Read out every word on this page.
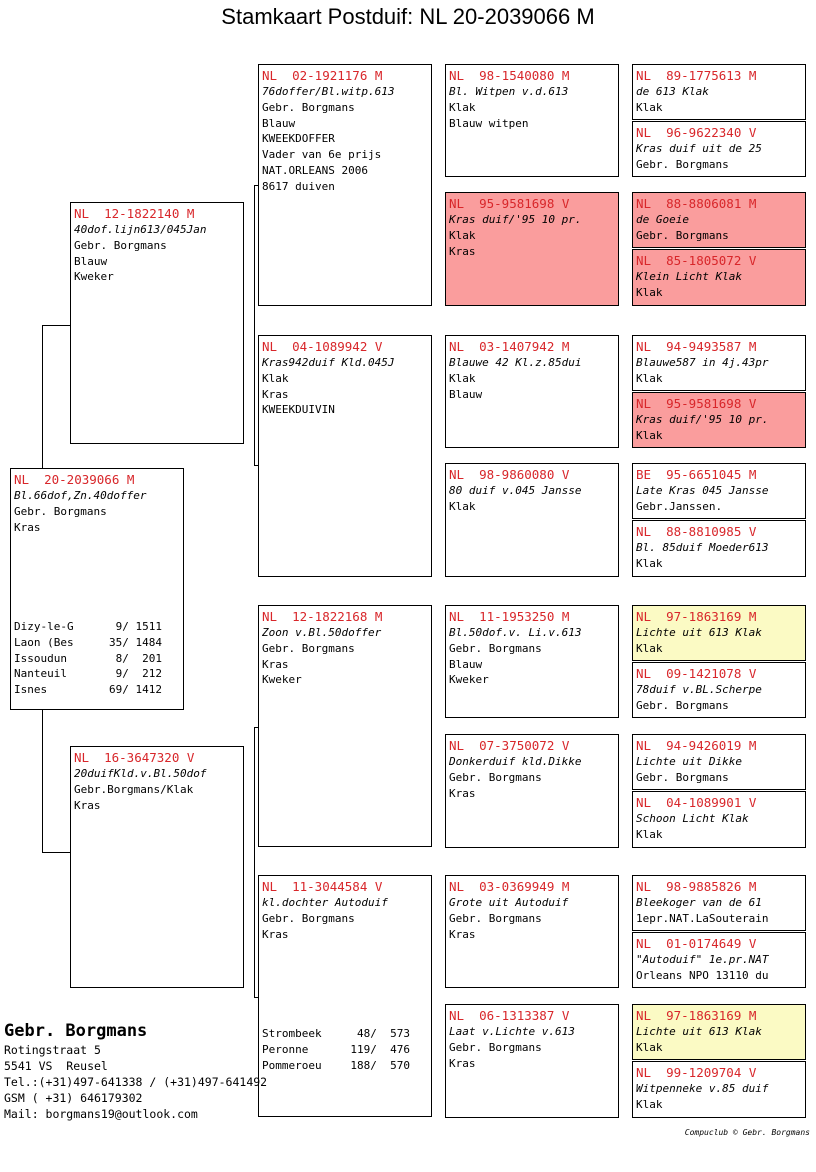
Stamkaart Postduif: NL 20-2039066 M
NL  20-2039066 M
Bl.66dof,Zn.40doffer
Gebr. Borgmans
Kras
Dizy-le-G	9/ 1511
Laon (Bes	35/ 1484
Issoudun	8/  201
Nanteuil	9/  212
Isnes	69/ 1412
NL  12-1822140 M
40dof.lijn613/045Jan
Gebr. Borgmans
Blauw
Kweker
NL  16-3647320 V
20duifKld.v.Bl.50dof
Gebr.Borgmans/Klak
Kras
NL  02-1921176 M
76doffer/Bl.witp.613
Gebr. Borgmans
Blauw
KWEEKDOFFER
Vader van 6e prijs
NAT.ORLEANS 2006
8617 duiven
NL  04-1089942 V
Kras942duif Kld.045J
Klak
Kras
KWEEKDUIVIN
NL  12-1822168 M
Zoon v.Bl.50doffer
Gebr. Borgmans
Kras
Kweker
NL  11-3044584 V
kl.dochter Autoduif
Gebr. Borgmans
Kras
Strombeek	48/  573
Peronne	119/  476
Pommeroeu	188/  570
NL  98-1540080 M
Bl. Witpen v.d.613
Klak
Blauw witpen
NL  95-9581698 V
Kras duif/'95 10 pr.
Klak
Kras
NL  03-1407942 M
Blauwe 42 Kl.z.85dui
Klak
Blauw
NL  98-9860080 V
80 duif v.045 Jansse
Klak
NL  11-1953250 M
Bl.50dof.v. Li.v.613
Gebr. Borgmans
Blauw
Kweker
NL  07-3750072 V
Donkerduif kld.Dikke
Gebr. Borgmans
Kras
NL  03-0369949 M
Grote uit Autoduif
Gebr. Borgmans
Kras
NL  06-1313387 V
Laat v.Lichte v.613
Gebr. Borgmans
Kras
NL  89-1775613 M
de 613 Klak
Klak
NL  96-9622340 V
Kras duif uit de 25
Gebr. Borgmans
NL  88-8806081 M
de Goeie
Gebr. Borgmans
NL  85-1805072 V
Klein Licht Klak
Klak
NL  94-9493587 M
Blauwe587 in 4j.43pr
Klak
NL  95-9581698 V
Kras duif/'95 10 pr.
Klak
BE  95-6651045 M
Late Kras 045 Jansse
Gebr.Janssen.
NL  88-8810985 V
Bl. 85duif Moeder613
Klak
NL  97-1863169 M
Lichte uit 613 Klak
Klak
NL  09-1421078 V
78duif v.BL.Scherpe
Gebr. Borgmans
NL  94-9426019 M
Lichte uit Dikke
Gebr. Borgmans
NL  04-1089901 V
Schoon Licht Klak
Klak
NL  98-9885826 M
Bleekoger van de 61
1epr.NAT.LaSouterain
NL  01-0174649 V
"Autoduif" 1e.pr.NAT
Orleans NPO 13110 du
NL  97-1863169 M
Lichte uit 613 Klak
Klak
NL  99-1209704 V
Witpenneke v.85 duif
Klak
Gebr. Borgmans
Rotingstraat 5
5541 VS  Reusel
Tel.:(+31)497-641338 / (+31)497-641492
GSM ( +31) 646179302
Mail: borgmans19@outlook.com
Compuclub © Gebr. Borgmans
